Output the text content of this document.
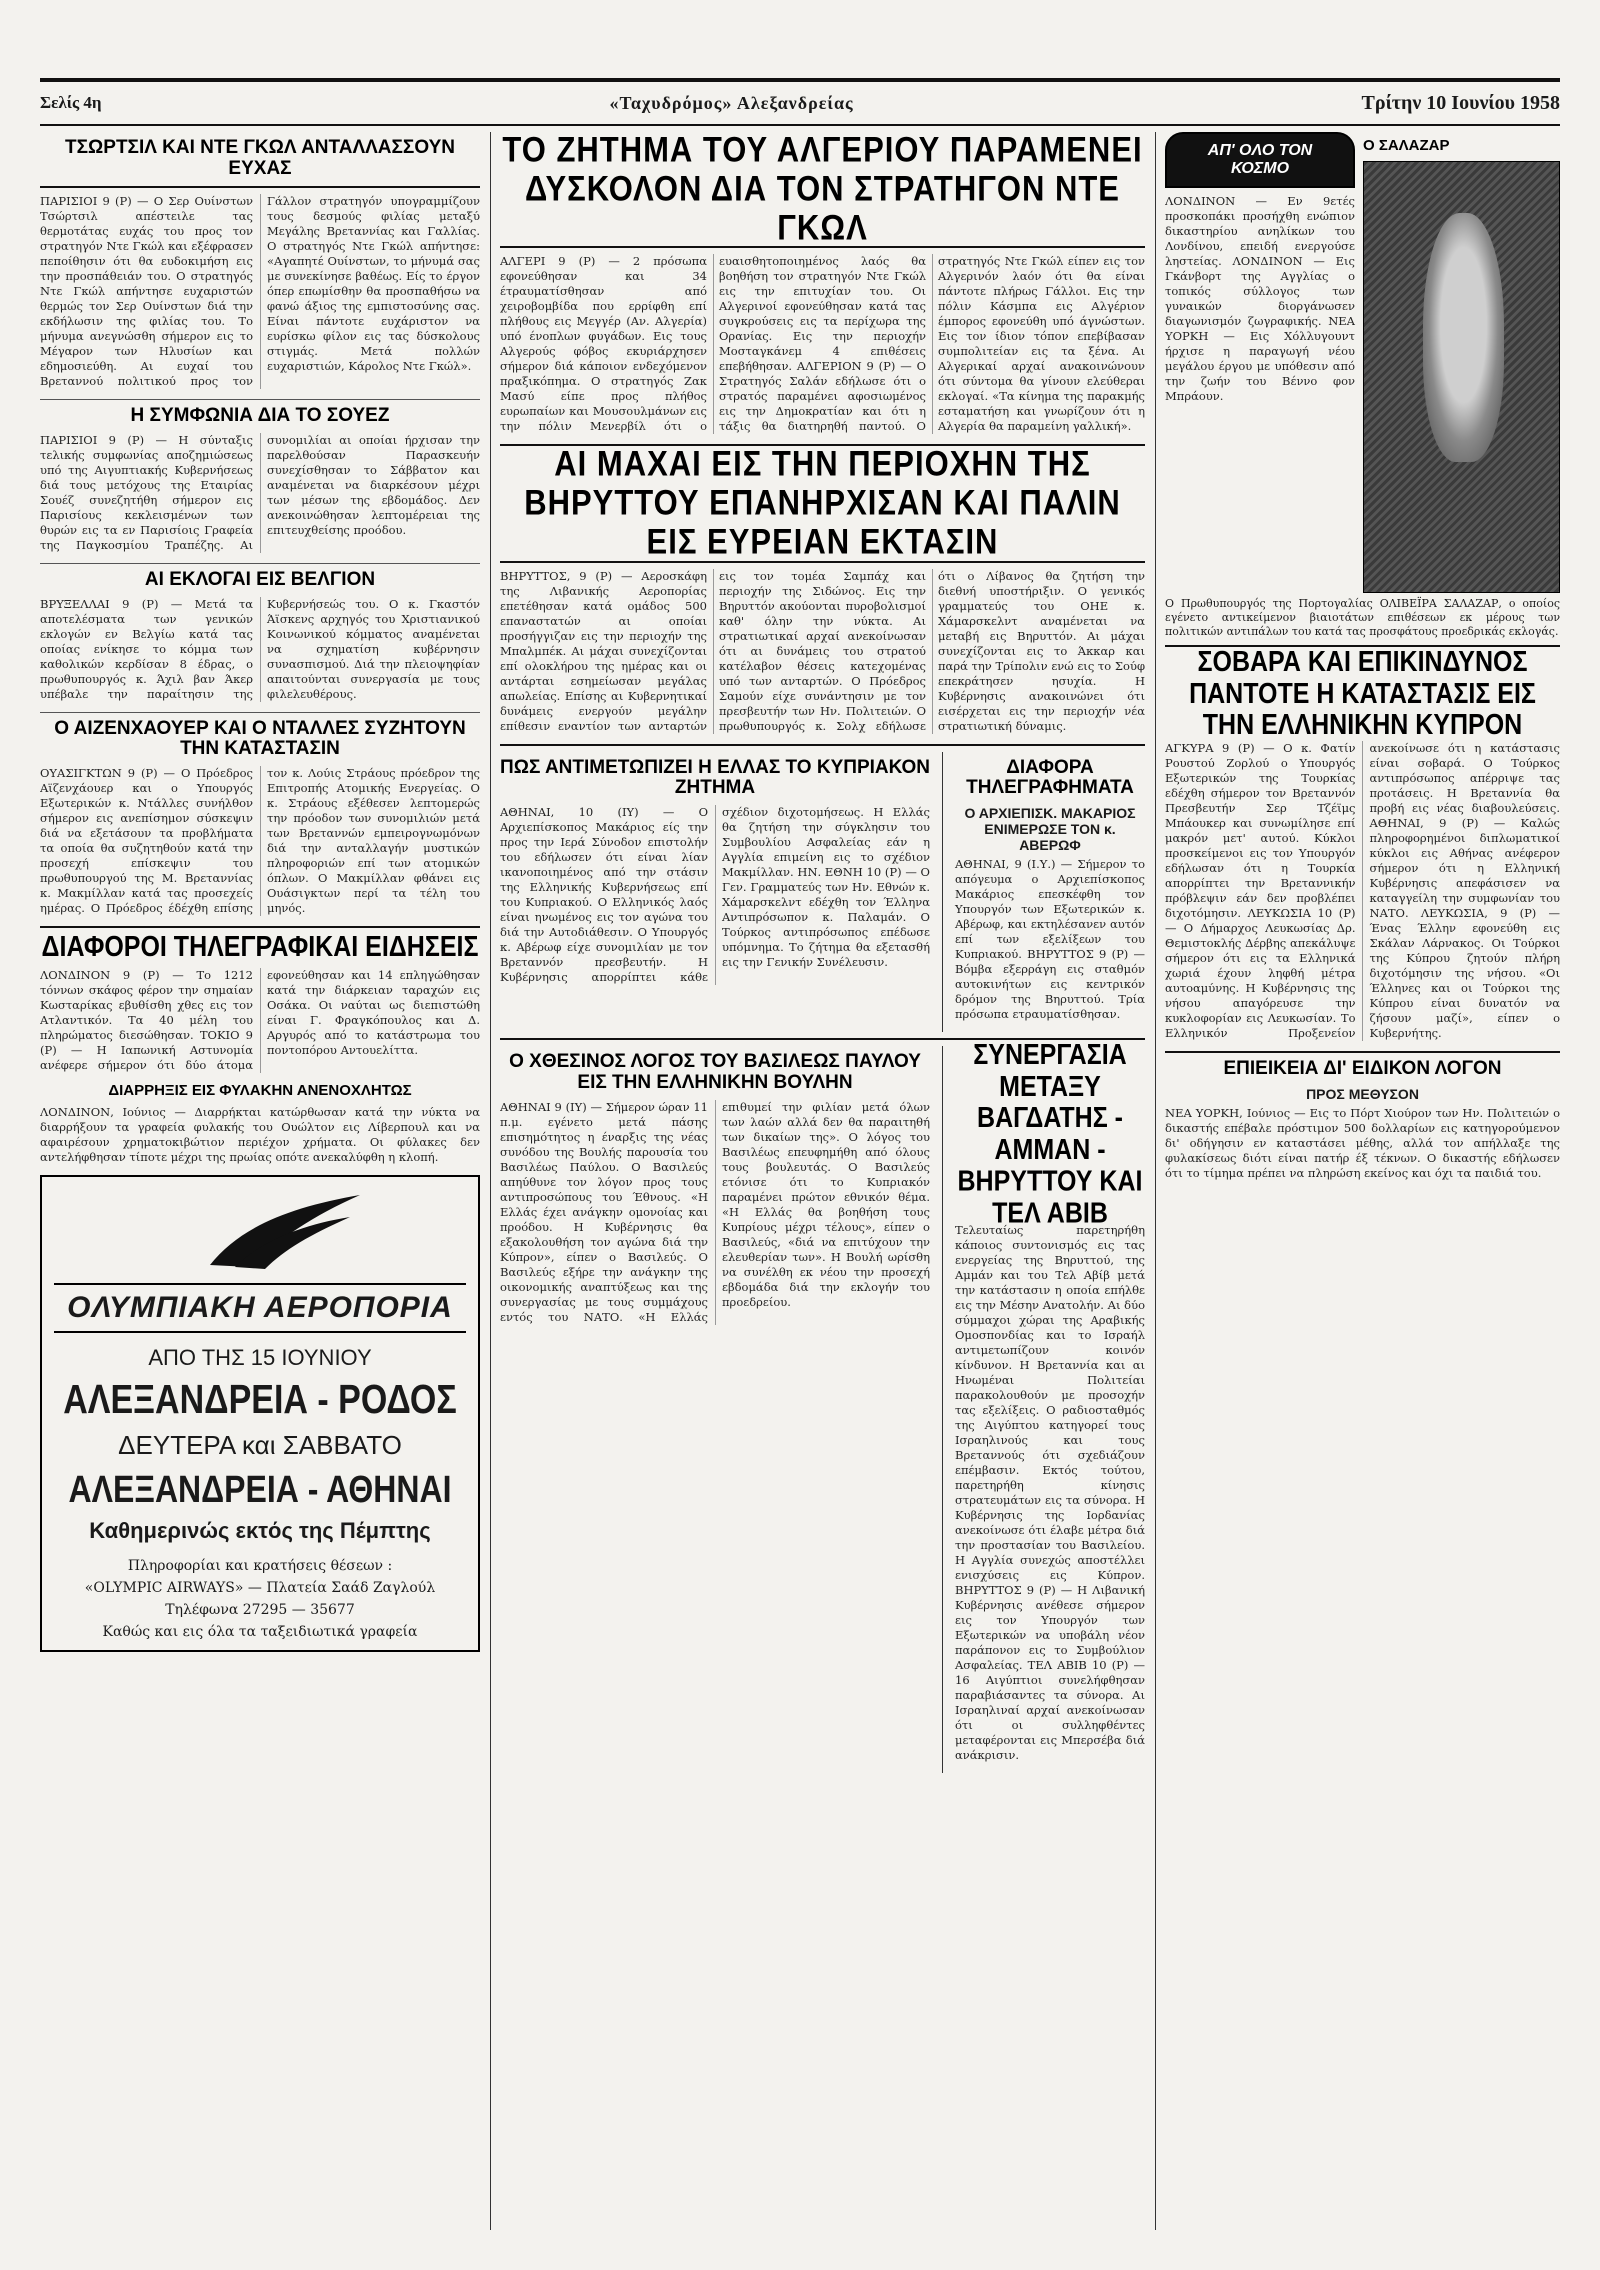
Σελίς 4η	«Ταχυδρόμος» Αλεξανδρείας	Τρίτην 10 Ιουνίου 1958
ΤΣΩΡΤΣΙΛ ΚΑΙ ΝΤΕ ΓΚΩΛ ΑΝΤΑΛΛΑΣΣΟΥΝ ΕΥΧΑΣ
ΠΑΡΙΣΙΟΙ 9 (Ρ) — Ο Σερ Ουίνστων Τσώρτσιλ απέστειλε τας θερμοτάτας ευχάς του προς τον στρατηγόν Ντε Γκώλ και εξέφρασεν πεποίθησιν ότι θα ευδοκιμήση εις την προσπάθειάν του. Ο στρατηγός Ντε Γκώλ απήντησε ευχαριστών θερμώς τον Σερ Ουίνστων διά την εκδήλωσιν της φιλίας του. Το μήνυμα ανεγνώσθη σήμερον εις το Μέγαρον των Ηλυσίων και εδημοσιεύθη. Αι ευχαί του Βρεταννού πολιτικού προς τον Γάλλον στρατηγόν υπογραμμίζουν τους δεσμούς φιλίας μεταξύ Μεγάλης Βρεταννίας και Γαλλίας. Ο στρατηγός Ντε Γκώλ απήντησε: «Αγαπητέ Ουίνστων, το μήνυμά σας με συνεκίνησε βαθέως. Είς το έργον όπερ επωμίσθην θα προσπαθήσω να φανώ άξιος της εμπιστοσύνης σας. Είναι πάντοτε ευχάριστον να ευρίσκω φίλον εις τας δύσκολους στιγμάς. Μετά πολλών ευχαριστιών, Κάρολος Ντε Γκώλ».
Η ΣΥΜΦΩΝΙΑ ΔΙΑ ΤΟ ΣΟΥΕΖ
ΠΑΡΙΣΙΟΙ 9 (Ρ) — Η σύνταξις τελικής συμφωνίας αποζημιώσεως υπό της Αιγυπτιακής Κυβερνήσεως διά τους μετόχους της Εταιρίας Σουέζ συνεζητήθη σήμερον εις Παρισίους κεκλεισμένων των θυρών εις τα εν Παρισίοις Γραφεία της Παγκοσμίου Τραπέζης. Αι συνομιλίαι αι οποίαι ήρχισαν την παρελθούσαν Παρασκευήν συνεχίσθησαν το Σάββατον και αναμένεται να διαρκέσουν μέχρι των μέσων της εβδομάδος. Δεν ανεκοινώθησαν λεπτομέρειαι της επιτευχθείσης προόδου.
ΑΙ ΕΚΛΟΓΑΙ ΕΙΣ ΒΕΛΓΙΟΝ
ΒΡΥΞΕΛΛΑΙ 9 (Ρ) — Μετά τα αποτελέσματα των γενικών εκλογών εν Βελγίω κατά τας οποίας ενίκησε το κόμμα των καθολικών κερδίσαν 8 έδρας, ο πρωθυπουργός κ. Άχιλ βαν Άκερ υπέβαλε την παραίτησιν της Κυβερνήσεώς του. Ο κ. Γκαστόν Άϊσκενς αρχηγός του Χριστιανικού Κοινωνικού κόμματος αναμένεται να σχηματίση κυβέρνησιν συνασπισμού. Διά την πλειοψηφίαν απαιτούνται συνεργασία με τους φιλελευθέρους.
Ο ΑΙΖΕΝΧΑΟΥΕΡ ΚΑΙ Ο ΝΤΑΛΛΕΣ ΣΥΖΗΤΟΥΝ ΤΗΝ ΚΑΤΑΣΤΑΣΙΝ
ΟΥΑΣΙΓΚΤΩΝ 9 (Ρ) — Ο Πρόεδρος Αϊζενχάουερ και ο Υπουργός Εξωτερικών κ. Ντάλλες συνήλθον σήμερον εις ανεπίσημον σύσκεψιν διά να εξετάσουν τα προβλήματα τα οποία θα συζητηθούν κατά την προσεχή επίσκεψιν του πρωθυπουργού της Μ. Βρεταννίας κ. Μακμίλλαν κατά τας προσεχείς ημέρας. Ο Πρόεδρος έδέχθη επίσης τον κ. Λούις Στράους πρόεδρον της Επιτροπής Ατομικής Ενεργείας. Ο κ. Στράους εξέθεσεν λεπτομερώς την πρόοδον των συνομιλιών μετά των Βρεταννών εμπειρογνωμόνων διά την ανταλλαγήν μυστικών πληροφοριών επί των ατομικών όπλων. Ο Μακμίλλαν φθάνει εις Ουάσιγκτων περί τα τέλη του μηνός.
ΔΙΑΦΟΡΟΙ ΤΗΛΕΓΡΑΦΙΚΑΙ ΕΙΔΗΣΕΙΣ
ΛΟΝΔΙΝΟΝ 9 (Ρ) — Το 1212 τόννων σκάφος φέρον την σημαίαν Κωσταρίκας εβυθίσθη χθες εις τον Ατλαντικόν. Τα 40 μέλη του πληρώματος διεσώθησαν. ΤΟΚΙΟ 9 (Ρ) — Η Ιαπωνική Αστυνομία ανέφερε σήμερον ότι δύο άτομα εφονεύθησαν και 14 επληγώθησαν κατά την διάρκειαν ταραχών εις Οσάκα. Οι ναύται ως διεπιστώθη είναι Γ. Φραγκόπουλος και Δ. Αργυρός από το κατάστρωμα του ποντοπόρου Αντουελίττα.
ΔΙΑΡΡΗΞΙΣ ΕΙΣ ΦΥΛΑΚΗΝ ΑΝΕΝΟΧΛΗΤΩΣ
ΛΟΝΔΙΝΟΝ, Ιούνιος — Διαρρήκται κατώρθωσαν κατά την νύκτα να διαρρήξουν τα γραφεία φυλακής του Ουώλτον εις Λίβερπουλ και να αφαιρέσουν χρηματοκιβώτιον περιέχον χρήματα. Οι φύλακες δεν αντελήφθησαν τίποτε μέχρι της πρωίας οπότε ανεκαλύφθη η κλοπή.
ΟΛΥΜΠΙΑΚΗ ΑΕΡΟΠΟΡΙΑ
ΑΠΟ ΤΗΣ 15 ΙΟΥΝΙΟΥ
ΑΛΕΞΑΝΔΡΕΙΑ - ΡΟΔΟΣ
ΔΕΥΤΕΡΑ και ΣΑΒΒΑΤΟ
ΑΛΕΞΑΝΔΡΕΙΑ - ΑΘΗΝΑΙ
Καθημερινώς εκτός της Πέμπτης
Πληροφορίαι και κρατήσεις θέσεων :
«OLYMPIC AIRWAYS» — Πλατεία Σαάδ Ζαγλούλ
Τηλέφωνα 27295 — 35677
Καθώς και εις όλα τα ταξειδιωτικά γραφεία
ΤΟ ΖΗΤΗΜΑ ΤΟΥ ΑΛΓΕΡΙΟΥ ΠΑΡΑΜΕΝΕΙ ΔΥΣΚΟΛΟΝ ΔΙΑ ΤΟΝ ΣΤΡΑΤΗΓΟΝ ΝΤΕ ΓΚΩΛ
ΑΛΓΕΡΙ 9 (Ρ) — 2 πρόσωπα εφονεύθησαν και 34 έτραυματίσθησαν από χειροβομβίδα που ερρίφθη επί πλήθους εις Μεγγέρ (Αν. Αλγερία) υπό ένοπλων φυγάδων. Εις τους Αλγερούς φόβος εκυριάρχησεν σήμερον διά κάποιον ενδεχόμενον πραξικόπημα. Ο στρατηγός Ζακ Μασύ είπε προς πλήθος ευρωπαίων και Μουσουλμάνων εις την πόλιν Μενερβίλ ότι ο ευαισθητοποιημένος λαός θα βοηθήση τον στρατηγόν Ντε Γκώλ εις την επιτυχίαν του. Οι Αλγερινοί εφονεύθησαν κατά τας συγκρούσεις εις τα περίχωρα της Ορανίας. Εις την περιοχήν Μοσταγκάνεμ 4 επιθέσεις επεβήθησαν. ΑΛΓΕΡΙΟΝ 9 (Ρ) — Ο Στρατηγός Σαλάν εδήλωσε ότι ο στρατός παραμένει αφοσιωμένος εις την Δημοκρατίαν και ότι η τάξις θα διατηρηθή παντού. Ο στρατηγός Ντε Γκώλ είπεν εις τον Αλγερινόν λαόν ότι θα είναι πάντοτε πλήρως Γάλλοι. Εις την πόλιν Κάσμπα εις Αλγέριον έμπορος εφονεύθη υπό άγνώστων. Εις τον ίδιον τόπον επεβίβασαν συμπολιτείαν εις τα ξένα. Αι Αλγερικαί αρχαί ανακοινώνουν ότι σύντομα θα γίνουν ελεύθεραι εκλογαί. «Τα κίνημα της παρακμής εσταματήση και γνωρίζουν ότι η Αλγερία θα παραμείνη γαλλική».
ΑΙ ΜΑΧΑΙ ΕΙΣ ΤΗΝ ΠΕΡΙΟΧΗΝ ΤΗΣ ΒΗΡΥΤΤΟΥ ΕΠΑΝΗΡΧΙΣΑΝ ΚΑΙ ΠΑΛΙΝ ΕΙΣ ΕΥΡΕΙΑΝ ΕΚΤΑΣΙΝ
ΒΗΡΥΤΤΟΣ, 9 (Ρ) — Αεροσκάφη της Λιβανικής Αεροπορίας επετέθησαν κατά ομάδος 500 επαναστατών αι οποίαι προσήγγιζαν εις την περιοχήν της Μπαλμπέκ. Αι μάχαι συνεχίζονται επί ολοκλήρου της ημέρας και οι αντάρται εσημείωσαν μεγάλας απωλείας. Επίσης αι Κυβερνητικαί δυνάμεις ενεργούν μεγάλην επίθεσιν εναντίον των ανταρτών εις τον τομέα Σαμπάχ και περιοχήν της Σιδώνος. Εις την Βηρυττόν ακούονται πυροβολισμοί καθ' όλην την νύκτα. Αι στρατιωτικαί αρχαί ανεκοίνωσαν ότι αι δυνάμεις του στρατού κατέλαβον θέσεις κατεχομένας υπό των ανταρτών. Ο Πρόεδρος Σαμούν είχε συνάντησιν με τον πρεσβευτήν των Ην. Πολιτειών. Ο πρωθυπουργός κ. Σολχ εδήλωσε ότι ο Λίβανος θα ζητήση την διεθνή υποστήριξιν. Ο γενικός γραμματεύς του ΟΗΕ κ. Χάμαρσκελντ αναμένεται να μεταβή εις Βηρυττόν. Αι μάχαι συνεχίζονται εις το Άκκαρ και παρά την Τρίπολιν ενώ εις το Σούφ επεκράτησεν ησυχία. Η Κυβέρνησις ανακοινώνει ότι εισέρχεται εις την περιοχήν νέα στρατιωτική δύναμις.
ΠΩΣ ΑΝΤΙΜΕΤΩΠΙΖΕΙ Η ΕΛΛΑΣ ΤΟ ΚΥΠΡΙΑΚΟΝ ΖΗΤΗΜΑ
ΑΘΗΝΑΙ, 10 (ΙΥ) — Ο Αρχιεπίσκοπος Μακάριος είς την προς την Ιερά Σύνοδον επιστολήν του εδήλωσεν ότι είναι λίαν ικανοποιημένος από την στάσιν της Ελληνικής Κυβερνήσεως επί του Κυπριακού. Ο Ελληνικός λαός είναι ηνωμένος εις τον αγώνα του διά την Αυτοδιάθεσιν. Ο Υπουργός κ. Αβέρωφ είχε συνομιλίαν με τον Βρεταννόν πρεσβευτήν. Η Κυβέρνησις απορρίπτει κάθε σχέδιον διχοτομήσεως. Η Ελλάς θα ζητήση την σύγκλησιν του Συμβουλίου Ασφαλείας εάν η Αγγλία επιμείνη εις το σχέδιον Μακμίλλαν. ΗΝ. ΕΘΝΗ 10 (Ρ) — Ο Γεν. Γραμματεύς των Ην. Εθνών κ. Χάμαρσκελντ εδέχθη τον Έλληνα Αντιπρόσωπον κ. Παλαμάν. Ο Τούρκος αντιπρόσωπος επέδωσε υπόμνημα. Το ζήτημα θα εξετασθή εις την Γενικήν Συνέλευσιν.
ΔΙΑΦΟΡΑ ΤΗΛΕΓΡΑΦΗΜΑΤΑ
Ο ΑΡΧΙΕΠΙΣΚ. ΜΑΚΑΡΙΟΣ ΕΝΙΜΕΡΩΣΕ ΤΟΝ κ. ΑΒΕΡΩΦ
ΑΘΗΝΑΙ, 9 (Ι.Υ.) — Σήμερον το απόγευμα ο Αρχιεπίσκοπος Μακάριος επεσκέφθη τον Υπουργόν των Εξωτερικών κ. Αβέρωφ, και εκτηλέσανεν αυτόν επί των εξελίξεων του Κυπριακού. ΒΗΡΥΤΤΟΣ 9 (Ρ) — Βόμβα εξερράγη εις σταθμόν αυτοκινήτων εις κεντρικόν δρόμον της Βηρυττού. Τρία πρόσωπα ετραυματίσθησαν.
Ο ΧΘΕΣΙΝΟΣ ΛΟΓΟΣ ΤΟΥ ΒΑΣΙΛΕΩΣ ΠΑΥΛΟΥ ΕΙΣ ΤΗΝ ΕΛΛΗΝΙΚΗΝ ΒΟΥΛΗΝ
ΑΘΗΝΑΙ 9 (ΙΥ) — Σήμερον ώραν 11 π.μ. εγένετο μετά πάσης επισημότητος η έναρξις της νέας συνόδου της Βουλής παρουσία του Βασιλέως Παύλου. Ο Βασιλεύς απηύθυνε τον λόγον προς τους αντιπροσώπους του Έθνους. «Η Ελλάς έχει ανάγκην ομονοίας και προόδου. Η Κυβέρνησις θα εξακολουθήση τον αγώνα διά την Κύπρον», είπεν ο Βασιλεύς. Ο Βασιλεύς εξήρε την ανάγκην της οικονομικής αναπτύξεως και της συνεργασίας με τους συμμάχους εντός του ΝΑΤΟ. «Η Ελλάς επιθυμεί την φιλίαν μετά όλων των λαών αλλά δεν θα παραιτηθή των δικαίων της». Ο λόγος του Βασιλέως επευφημήθη από όλους τους βουλευτάς. Ο Βασιλεύς ετόνισε ότι το Κυπριακόν παραμένει πρώτον εθνικόν θέμα. «Η Ελλάς θα βοηθήση τους Κυπρίους μέχρι τέλους», είπεν ο Βασιλεύς, «διά να επιτύχουν την ελευθερίαν των». Η Βουλή ωρίσθη να συνέλθη εκ νέου την προσεχή εβδομάδα διά την εκλογήν του προεδρείου.
ΣΥΝΕΡΓΑΣΙΑ ΜΕΤΑΞΥ ΒΑΓΔΑΤΗΣ - ΑΜΜΑΝ - ΒΗΡΥΤΤΟΥ ΚΑΙ ΤΕΛ ΑΒΙΒ
Τελευταίως παρετηρήθη κάποιος συντονισμός εις τας ενεργείας της Βηρυττού, της Αμμάν και του Τελ Αβίβ μετά την κατάστασιν η οποία επήλθε εις την Μέσην Ανατολήν. Αι δύο σύμμαχοι χώραι της Αραβικής Ομοσπονδίας και το Ισραήλ αντιμετωπίζουν κοινόν κίνδυνον. Η Βρεταννία και αι Ηνωμέναι Πολιτείαι παρακολουθούν με προσοχήν τας εξελίξεις. Ο ραδιοσταθμός της Αιγύπτου κατηγορεί τους Ισραηλινούς και τους Βρεταννούς ότι σχεδιάζουν επέμβασιν. Εκτός τούτου, παρετηρήθη κίνησις στρατευμάτων εις τα σύνορα. Η Κυβέρνησις της Ιορδανίας ανεκοίνωσε ότι έλαβε μέτρα διά την προστασίαν του Βασιλείου. Η Αγγλία συνεχώς αποστέλλει ενισχύσεις εις Κύπρον. ΒΗΡΥΤΤΟΣ 9 (Ρ) — Η Λιβανική Κυβέρνησις ανέθεσε σήμερον εις τον Υπουργόν των Εξωτερικών να υποβάλη νέον παράπονον εις το Συμβούλιον Ασφαλείας. ΤΕΛ ΑΒΙΒ 10 (Ρ) — 16 Αιγύπτιοι συνελήφθησαν παραβιάσαντες τα σύνορα. Αι Ισραηλιναί αρχαί ανεκοίνωσαν ότι οι συλληφθέντες μεταφέρονται εις Μπερσέβα διά ανάκρισιν.
ΑΠ' ΟΛΟ ΤΟΝ ΚΟΣΜΟ
ΛΟΝΔΙΝΟΝ — Εν 9ετές προσκοπάκι προσήχθη ενώπιον δικαστηρίου ανηλίκων του Λονδίνου, επειδή ενεργούσε ληστείας. ΛΟΝΔΙΝΟΝ — Εις Γκάνβορτ της Αγγλίας ο τοπικός σύλλογος των γυναικών διοργάνωσεν διαγωνισμόν ζωγραφικής. ΝΕΑ ΥΟΡΚΗ — Εις Χόλλυγουντ ήρχισε η παραγωγή νέου μεγάλου έργου με υπόθεσιν από την ζωήν του Βέννο φον Μπράουν.
Ο ΣΑΛΑΖΑΡ
Ο Πρωθυπουργός της Πορτογαλίας ΟΛΙΒΕΪΡΑ ΣΑΛΑΖΑΡ, ο οποίος εγένετο αντικείμενον βιαιοτάτων επιθέσεων εκ μέρους των πολιτικών αντιπάλων του κατά τας προσφάτους προεδρικάς εκλογάς.
ΣΟΒΑΡΑ ΚΑΙ ΕΠΙΚΙΝΔΥΝΟΣ ΠΑΝΤΟΤΕ Η ΚΑΤΑΣΤΑΣΙΣ ΕΙΣ ΤΗΝ ΕΛΛΗΝΙΚΗΝ ΚΥΠΡΟΝ
ΑΓΚΥΡΑ 9 (Ρ) — Ο κ. Φατίν Ρουστού Ζορλού ο Υπουργός Εξωτερικών της Τουρκίας εδέχθη σήμερον τον Βρεταννόν Πρεσβευτήν Σερ Τζέϊμς Μπάουκερ και συνωμίλησε επί μακρόν μετ' αυτού. Κύκλοι προσκείμενοι εις τον Υπουργόν εδήλωσαν ότι η Τουρκία απορρίπτει την Βρεταννικήν πρόβλεψιν εάν δεν προβλέπει διχοτόμησιν. ΛΕΥΚΩΣΙΑ 10 (Ρ) — Ο Δήμαρχος Λευκωσίας Δρ. Θεμιστοκλής Δέρβης απεκάλυψε σήμερον ότι εις τα Ελληνικά χωριά έχουν ληφθή μέτρα αυτοαμύνης. Η Κυβέρνησις της νήσου απαγόρευσε την κυκλοφορίαν εις Λευκωσίαν. Το Ελληνικόν Προξενείον ανεκοίνωσε ότι η κατάστασις είναι σοβαρά. Ο Τούρκος αντιπρόσωπος απέρριψε τας προτάσεις. Η Βρεταννία θα προβή εις νέας διαβουλεύσεις. ΑΘΗΝΑΙ, 9 (Ρ) — Καλώς πληροφορημένοι διπλωματικοί κύκλοι εις Αθήνας ανέφερον σήμερον ότι η Ελληνική Κυβέρνησις απεφάσισεν να καταγγείλη την συμφωνίαν του ΝΑΤΟ. ΛΕΥΚΩΣΙΑ, 9 (Ρ) — Ένας Έλλην εφονεύθη εις Σκάλαν Λάρνακος. Οι Τούρκοι της Κύπρου ζητούν πλήρη διχοτόμησιν της νήσου. «Οι Έλληνες και οι Τούρκοι της Κύπρου είναι δυνατόν να ζήσουν μαζί», είπεν ο Κυβερνήτης.
ΕΠΙΕΙΚΕΙΑ ΔΙ' ΕΙΔΙΚΟΝ ΛΟΓΟΝ
ΠΡΟΣ ΜΕΘΥΣΟΝ
ΝΕΑ ΥΟΡΚΗ, Ιούνιος — Εις το Πόρτ Χιούρον των Ην. Πολιτειών ο δικαστής επέβαλε πρόστιμον 500 δολλαρίων εις κατηγορούμενον δι' οδήγησιν εν καταστάσει μέθης, αλλά τον απήλλαξε της φυλακίσεως διότι είναι πατήρ έξ τέκνων. Ο δικαστής εδήλωσεν ότι το τίμημα πρέπει να πληρώση εκείνος και όχι τα παιδιά του.
